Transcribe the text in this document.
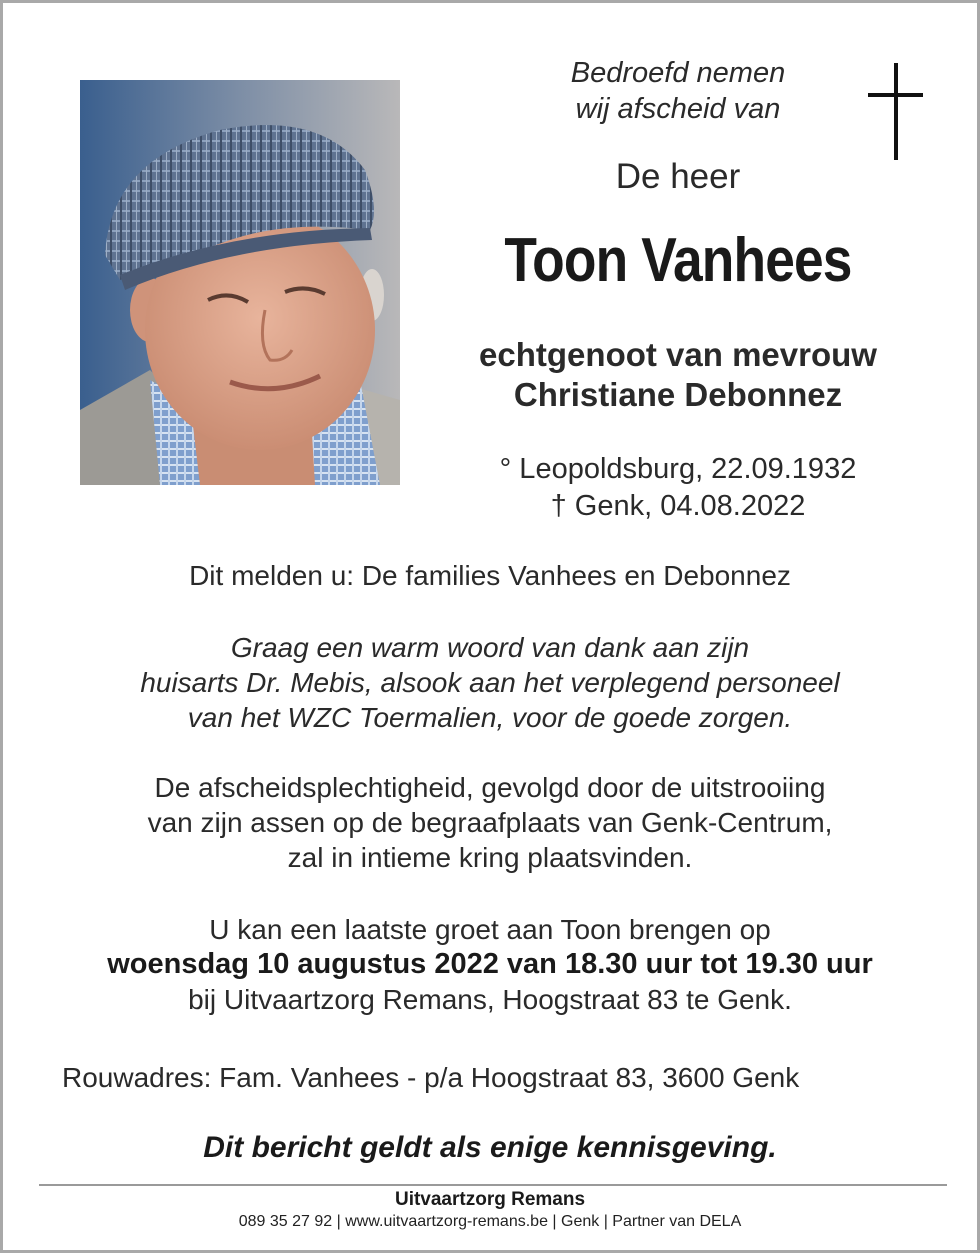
Bedroefd nemen
wij afscheid van
De heer
Toon Vanhees
echtgenoot van mevrouw
Christiane Debonnez
° Leopoldsburg, 22.09.1932
† Genk, 04.08.2022
Dit melden u: De families Vanhees en Debonnez
Graag een warm woord van dank aan zijn
huisarts Dr. Mebis, alsook aan het verplegend personeel
van het WZC Toermalien, voor de goede zorgen.
De afscheidsplechtigheid, gevolgd door de uitstrooiing
van zijn assen op de begraafplaats van Genk-Centrum,
zal in intieme kring plaatsvinden.
U kan een laatste groet aan Toon brengen op
woensdag 10 augustus 2022 van 18.30 uur tot 19.30 uur
bij Uitvaartzorg Remans, Hoogstraat 83 te Genk.
Rouwadres: Fam. Vanhees - p/a Hoogstraat 83, 3600 Genk
Dit bericht geldt als enige kennisgeving.
Uitvaartzorg Remans
089 35 27 92 | www.uitvaartzorg-remans.be | Genk | Partner van DELA
